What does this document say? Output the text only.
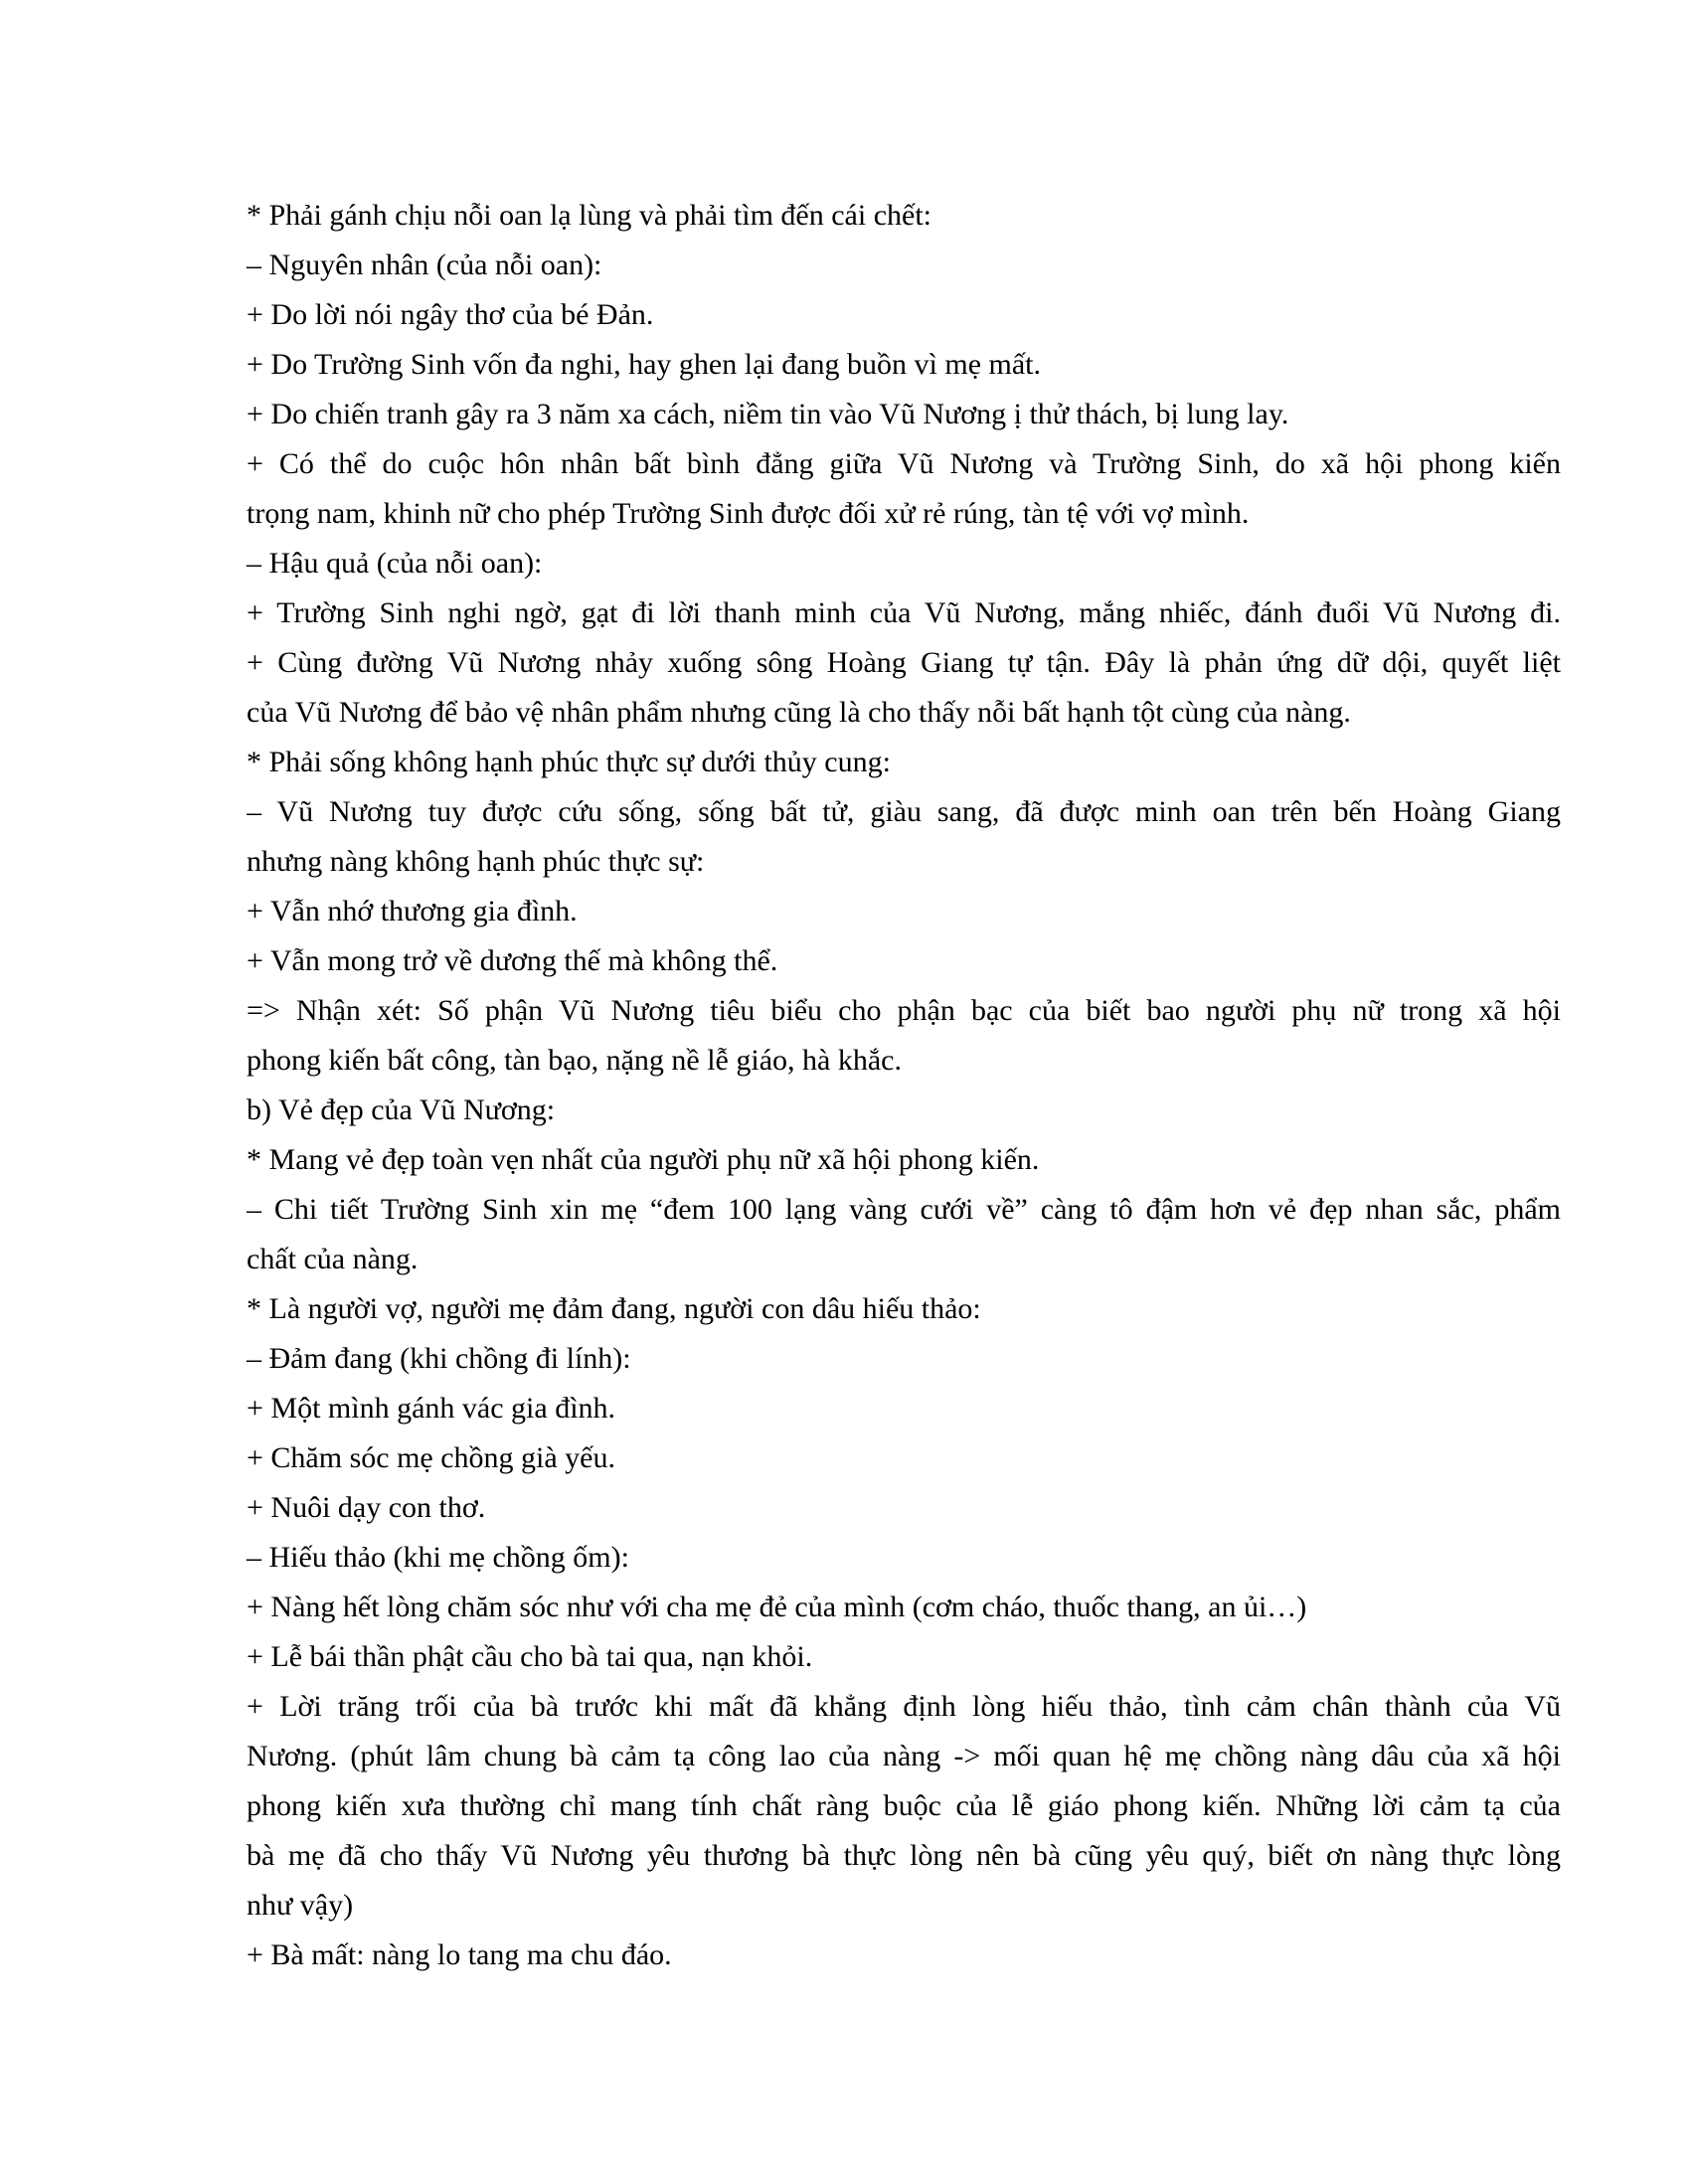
* Phải gánh chịu nỗi oan lạ lùng và phải tìm đến cái chết:
– Nguyên nhân (của nỗi oan):
+ Do lời nói ngây thơ của bé Đản.
+ Do Trường Sinh vốn đa nghi, hay ghen lại đang buồn vì mẹ mất.
+ Do chiến tranh gây ra 3 năm xa cách, niềm tin vào Vũ Nương ị thử thách, bị lung lay.
+ Có thể do cuộc hôn nhân bất bình đẳng giữa Vũ Nương và Trường Sinh, do xã hội phong kiến
trọng nam, khinh nữ cho phép Trường Sinh được đối xử rẻ rúng, tàn tệ với vợ mình.
– Hậu quả (của nỗi oan):
+ Trường Sinh nghi ngờ, gạt đi lời thanh minh của Vũ Nương, mắng nhiếc, đánh đuổi Vũ Nương đi.
+ Cùng đường Vũ Nương nhảy xuống sông Hoàng Giang tự tận. Đây là phản ứng dữ dội, quyết liệt
của Vũ Nương để bảo vệ nhân phẩm nhưng cũng là cho thấy nỗi bất hạnh tột cùng của nàng.
* Phải sống không hạnh phúc thực sự dưới thủy cung:
– Vũ Nương tuy được cứu sống, sống bất tử, giàu sang, đã được minh oan trên bến Hoàng Giang
nhưng nàng không hạnh phúc thực sự:
+ Vẫn nhớ thương gia đình.
+ Vẫn mong trở về dương thế mà không thể.
=> Nhận xét: Số phận Vũ Nương tiêu biểu cho phận bạc của biết bao người phụ nữ trong xã hội
phong kiến bất công, tàn bạo, nặng nề lễ giáo, hà khắc.
b) Vẻ đẹp của Vũ Nương:
* Mang vẻ đẹp toàn vẹn nhất của người phụ nữ xã hội phong kiến.
– Chi tiết Trường Sinh xin mẹ “đem 100 lạng vàng cưới về” càng tô đậm hơn vẻ đẹp nhan sắc, phẩm
chất của nàng.
* Là người vợ, người mẹ đảm đang, người con dâu hiếu thảo:
– Đảm đang (khi chồng đi lính):
+ Một mình gánh vác gia đình.
+ Chăm sóc mẹ chồng già yếu.
+ Nuôi dạy con thơ.
– Hiếu thảo (khi mẹ chồng ốm):
+ Nàng hết lòng chăm sóc như với cha mẹ đẻ của mình (cơm cháo, thuốc thang, an ủi…)
+ Lễ bái thần phật cầu cho bà tai qua, nạn khỏi.
+ Lời trăng trối của bà trước khi mất đã khẳng định lòng hiếu thảo, tình cảm chân thành của Vũ
Nương. (phút lâm chung bà cảm tạ công lao của nàng -> mối quan hệ mẹ chồng nàng dâu của xã hội
phong kiến xưa thường chỉ mang tính chất ràng buộc của lễ giáo phong kiến. Những lời cảm tạ của
bà mẹ đã cho thấy Vũ Nương yêu thương bà thực lòng nên bà cũng yêu quý, biết ơn nàng thực lòng
như vậy)
+ Bà mất: nàng lo tang ma chu đáo.
